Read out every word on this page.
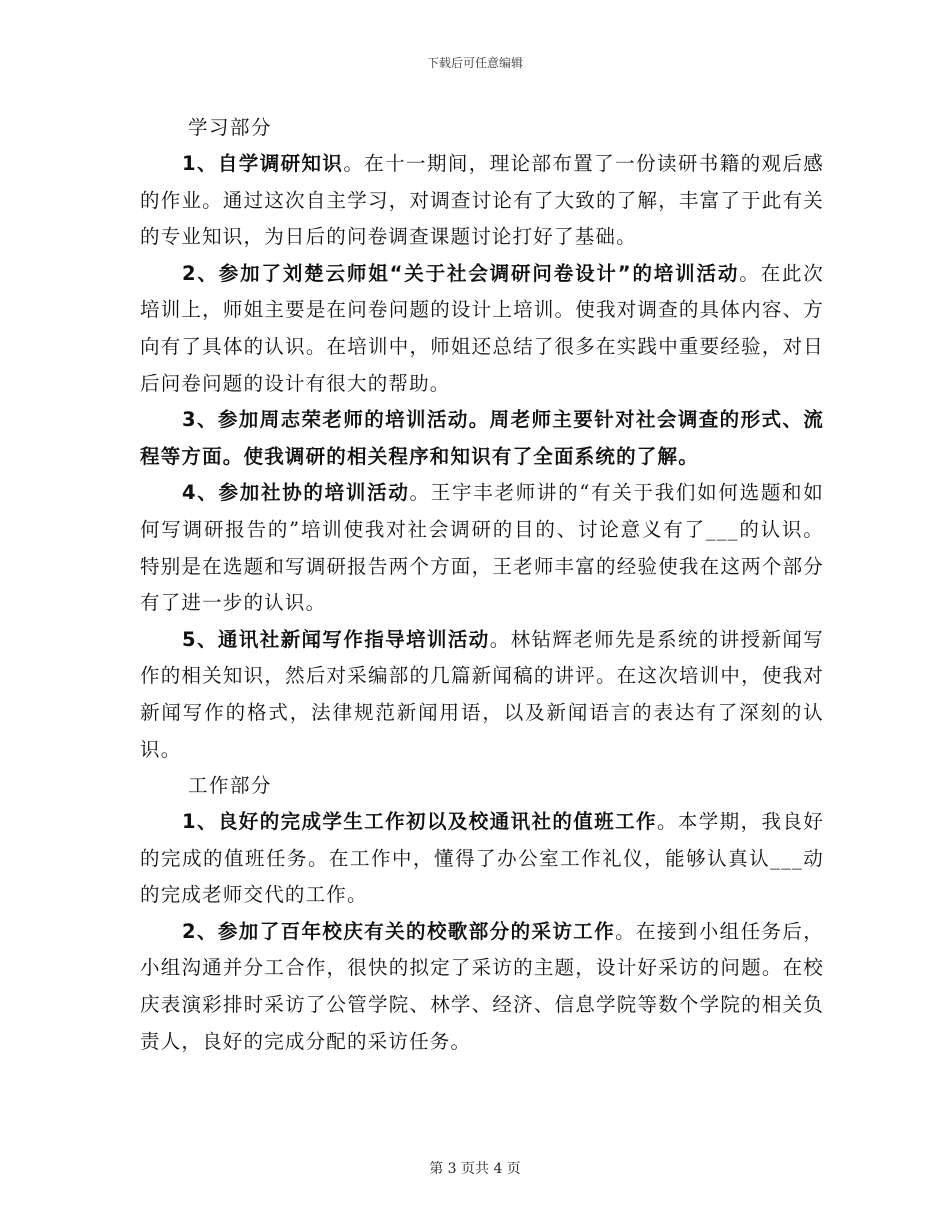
下载后可任意编辑

学习部分

1、自学调研知识。在十一期间，理论部布置了一份读研书籍的观后感的作业。通过这次自主学习，对调查讨论有了大致的了解，丰富了于此有关的专业知识，为日后的问卷调查课题讨论打好了基础。

2、参加了刘楚云师姐“关于社会调研问卷设计”的培训活动。在此次培训上，师姐主要是在问卷问题的设计上培训。使我对调查的具体内容、方向有了具体的认识。在培训中，师姐还总结了很多在实践中重要经验，对日后问卷问题的设计有很大的帮助。

3、参加周志荣老师的培训活动。周老师主要针对社会调查的形式、流程等方面。使我调研的相关程序和知识有了全面系统的了解。

4、参加社协的培训活动。王宇丰老师讲的“有关于我们如何选题和如何写调研报告的”培训使我对社会调研的目的、讨论意义有了___的认识。特别是在选题和写调研报告两个方面，王老师丰富的经验使我在这两个部分有了进一步的认识。

5、通讯社新闻写作指导培训活动。林钻辉老师先是系统的讲授新闻写作的相关知识，然后对采编部的几篇新闻稿的讲评。在这次培训中，使我对新闻写作的格式，法律规范新闻用语，以及新闻语言的表达有了深刻的认识。

工作部分

1、良好的完成学生工作初以及校通讯社的值班工作。本学期，我良好的完成的值班任务。在工作中，懂得了办公室工作礼仪，能够认真认___动的完成老师交代的工作。

2、参加了百年校庆有关的校歌部分的采访工作。在接到小组任务后，小组沟通并分工合作，很快的拟定了采访的主题，设计好采访的问题。在校庆表演彩排时采访了公管学院、林学、经济、信息学院等数个学院的相关负责人，良好的完成分配的采访任务。

第 3 页共 4 页
